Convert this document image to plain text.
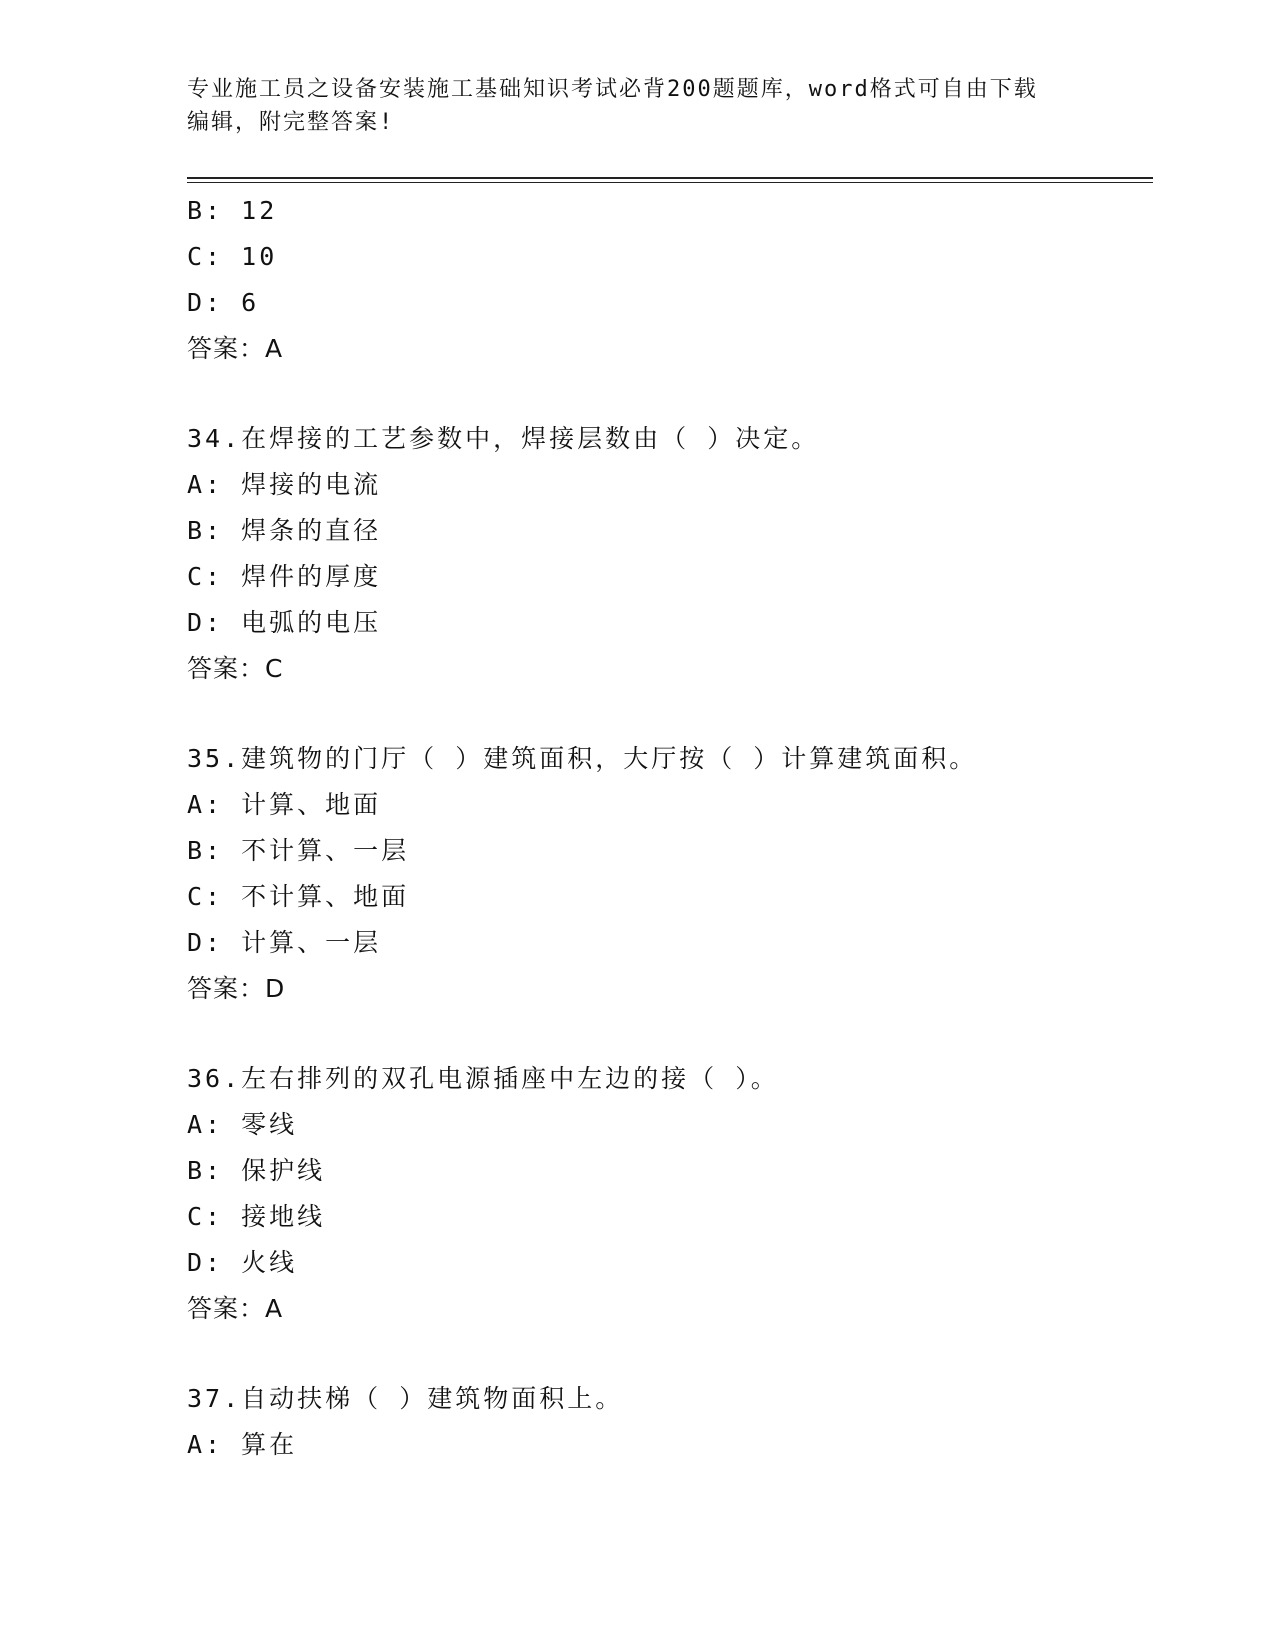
专业施工员之设备安装施工基础知识考试必背200题题库，word格式可自由下载
编辑，附完整答案!
B: 12
C: 10
D: 6
答案：A
34.在焊接的工艺参数中，焊接层数由（ ）决定。
A: 焊接的电流
B: 焊条的直径
C: 焊件的厚度
D: 电弧的电压
答案：C
35.建筑物的门厅（ ）建筑面积，大厅按（ ）计算建筑面积。
A: 计算、地面
B: 不计算、一层
C: 不计算、地面
D: 计算、一层
答案：D
36.左右排列的双孔电源插座中左边的接（ ）。
A: 零线
B: 保护线
C: 接地线
D: 火线
答案：A
37.自动扶梯（ ）建筑物面积上。
A: 算在
